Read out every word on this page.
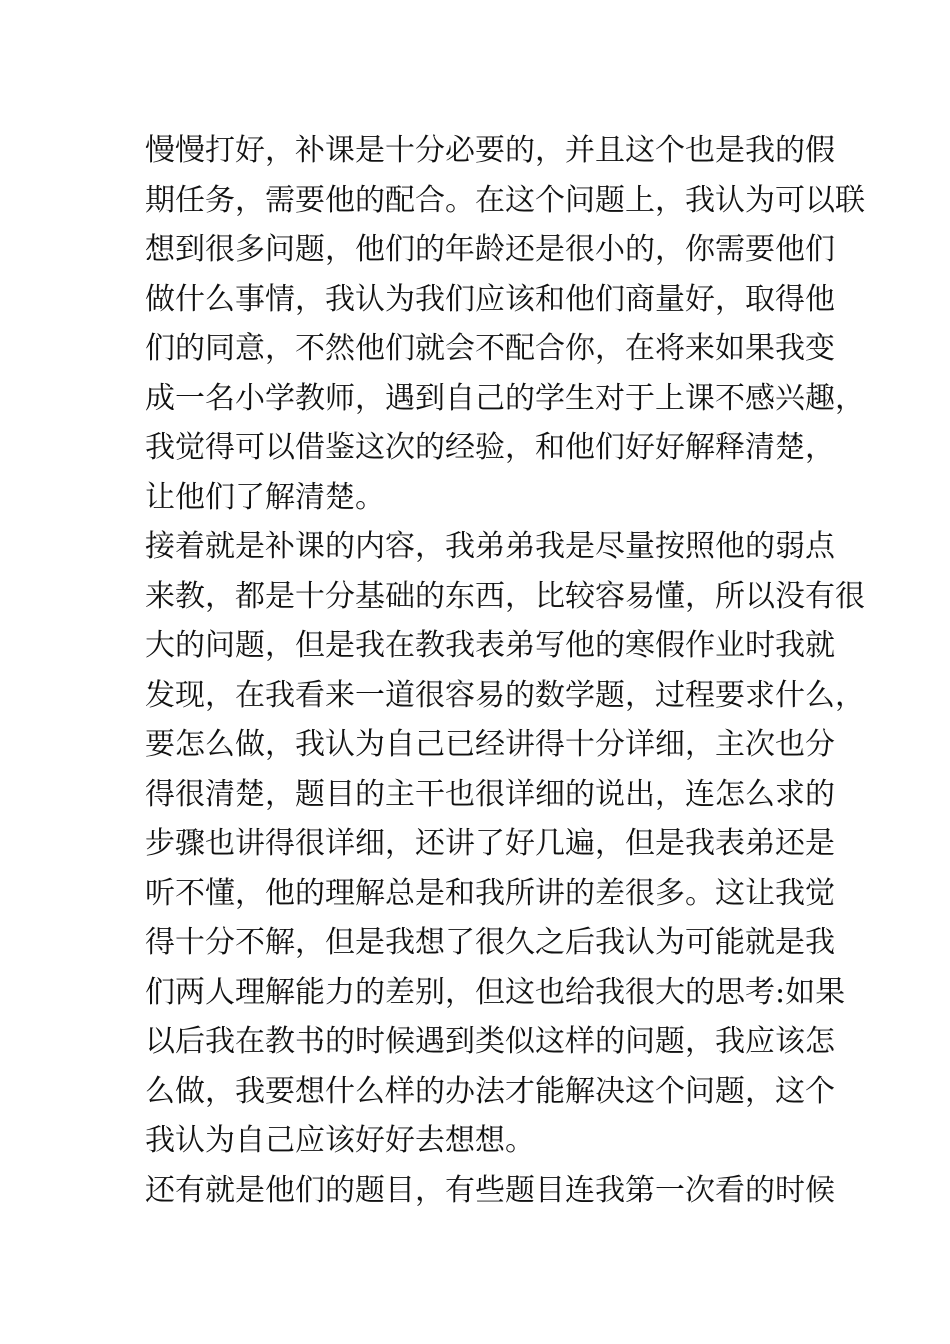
慢慢打好，补课是十分必要的，并且这个也是我的假
期任务，需要他的配合。在这个问题上，我认为可以联
想到很多问题，他们的年龄还是很小的，你需要他们
做什么事情，我认为我们应该和他们商量好，取得他
们的同意，不然他们就会不配合你，在将来如果我变
成一名小学教师，遇到自己的学生对于上课不感兴趣，
我觉得可以借鉴这次的经验，和他们好好解释清楚，
让他们了解清楚。
接着就是补课的内容，我弟弟我是尽量按照他的弱点
来教，都是十分基础的东西，比较容易懂，所以没有很
大的问题，但是我在教我表弟写他的寒假作业时我就
发现，在我看来一道很容易的数学题，过程要求什么，
要怎么做，我认为自己已经讲得十分详细，主次也分
得很清楚，题目的主干也很详细的说出，连怎么求的
步骤也讲得很详细，还讲了好几遍，但是我表弟还是
听不懂，他的理解总是和我所讲的差很多。这让我觉
得十分不解，但是我想了很久之后我认为可能就是我
们两人理解能力的差别，但这也给我很大的思考:如果
以后我在教书的时候遇到类似这样的问题，我应该怎
么做，我要想什么样的办法才能解决这个问题，这个
我认为自己应该好好去想想。
还有就是他们的题目，有些题目连我第一次看的时候
